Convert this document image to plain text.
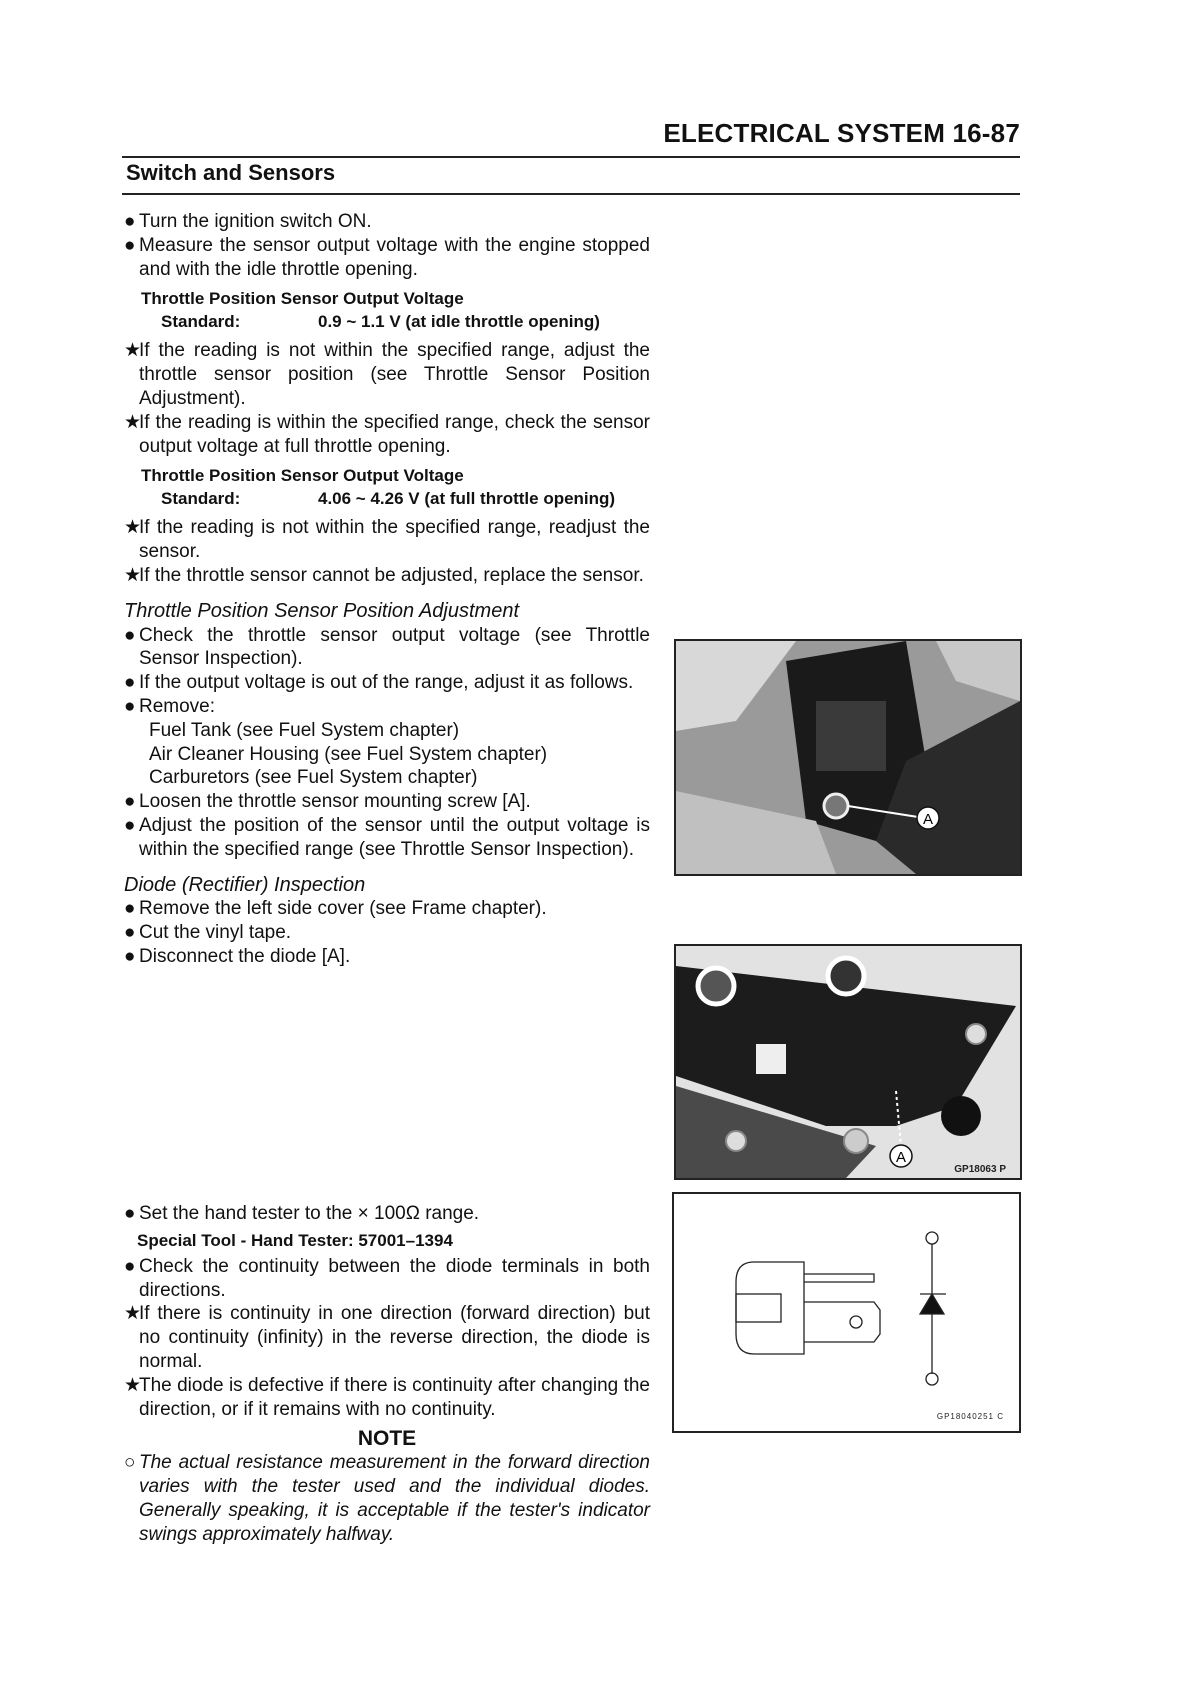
ELECTRICAL SYSTEM 16-87
Switch and Sensors
● Turn the ignition switch ON.
● Measure the sensor output voltage with the engine stopped and with the idle throttle opening.
Throttle Position Sensor Output Voltage
Standard:	0.9 ~ 1.1 V (at idle throttle opening)
★
If the reading is not within the specified range, adjust the throttle sensor position (see Throttle Sensor Position Adjustment).
★
If the reading is within the specified range, check the sensor output voltage at full throttle opening.
Throttle Position Sensor Output Voltage
Standard:	4.06 ~ 4.26 V (at full throttle opening)
★
If the reading is not within the specified range, readjust the sensor.
★
If the throttle sensor cannot be adjusted, replace the sensor.
Throttle Position Sensor Position Adjustment
● Check the throttle sensor output voltage (see Throttle Sensor Inspection).
● If the output voltage is out of the range, adjust it as follows.
● Remove:
Fuel Tank (see Fuel System chapter)
Air Cleaner Housing (see Fuel System chapter)
Carburetors (see Fuel System chapter)
● Loosen the throttle sensor mounting screw [A].
● Adjust the position of the sensor until the output voltage is within the specified range (see Throttle Sensor Inspection).
Diode (Rectifier) Inspection
● Remove the left side cover (see Frame chapter).
● Cut the vinyl tape.
● Disconnect the diode [A].
● Set the hand tester to the × 100Ω range.
Special Tool - Hand Tester: 57001–1394
● Check the continuity between the diode terminals in both directions.
★
If there is continuity in one direction (forward direction) but no continuity (infinity) in the reverse direction, the diode is normal.
★
The diode is defective if there is continuity after changing the direction, or if it remains with no continuity.
NOTE
○ The actual resistance measurement in the forward direction varies with the tester used and the individual diodes. Generally speaking, it is acceptable if the tester's indicator swings approximately halfway.
A
A
GP18063 P
GP18040251 C
